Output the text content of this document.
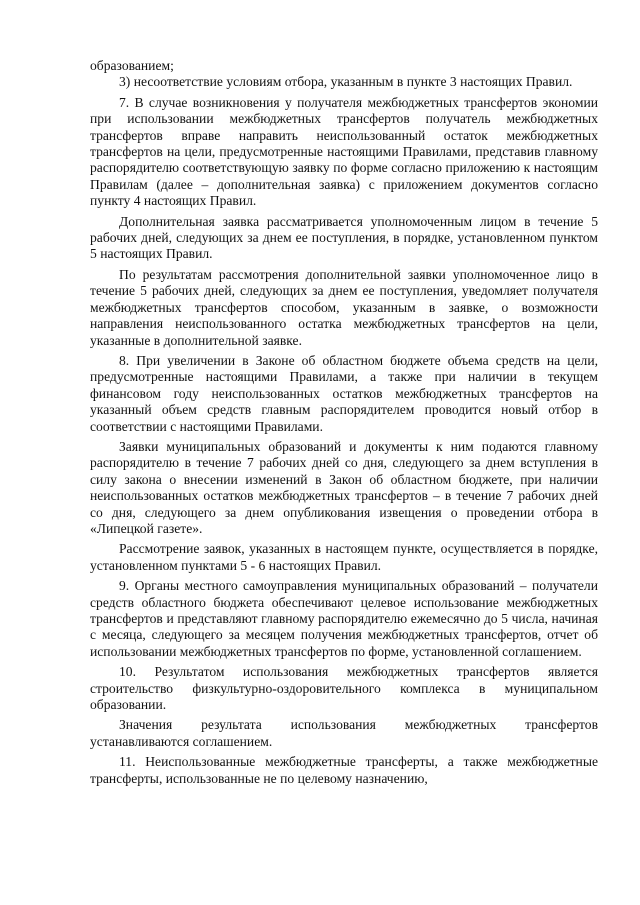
образованием;

3) несоответствие условиям отбора, указанным в пункте 3 настоящих Правил.

7. В случае возникновения у получателя межбюджетных трансфертов экономии при использовании межбюджетных трансфертов получатель межбюджетных трансфертов вправе направить неиспользованный остаток межбюджетных трансфертов на цели, предусмотренные настоящими Правилами, представив главному распорядителю соответствующую заявку по форме согласно приложению к настоящим Правилам (далее – дополнительная заявка) с приложением документов согласно пункту 4 настоящих Правил.

Дополнительная заявка рассматривается уполномоченным лицом в течение 5 рабочих дней, следующих за днем ее поступления, в порядке, установленном пунктом 5 настоящих Правил.

По результатам рассмотрения дополнительной заявки уполномоченное лицо в течение 5 рабочих дней, следующих за днем ее поступления, уведомляет получателя межбюджетных трансфертов способом, указанным в заявке, о возможности направления неиспользованного остатка межбюджетных трансфертов на цели, указанные в дополнительной заявке.

8. При увеличении в Законе об областном бюджете объема средств на цели, предусмотренные настоящими Правилами, а также при наличии в текущем финансовом году неиспользованных остатков межбюджетных трансфертов на указанный объем средств главным распорядителем проводится новый отбор в соответствии с настоящими Правилами.

Заявки муниципальных образований и документы к ним подаются главному распорядителю в течение 7 рабочих дней со дня, следующего за днем вступления в силу закона о внесении изменений в Закон об областном бюджете, при наличии неиспользованных остатков межбюджетных трансфертов – в течение 7 рабочих дней со дня, следующего за днем опубликования извещения о проведении отбора в «Липецкой газете».

Рассмотрение заявок, указанных в настоящем пункте, осуществляется в порядке, установленном пунктами 5 - 6 настоящих Правил.

9. Органы местного самоуправления муниципальных образований – получатели средств областного бюджета обеспечивают целевое использование межбюджетных трансфертов и представляют главному распорядителю ежемесячно до 5 числа, начиная с месяца, следующего за месяцем получения межбюджетных трансфертов, отчет об использовании межбюджетных трансфертов по форме, установленной соглашением.

10. Результатом использования межбюджетных трансфертов является строительство физкультурно-оздоровительного комплекса в муниципальном образовании.

Значения результата использования межбюджетных трансфертов устанавливаются соглашением.

11. Неиспользованные межбюджетные трансферты, а также межбюджетные трансферты, использованные не по целевому назначению,
